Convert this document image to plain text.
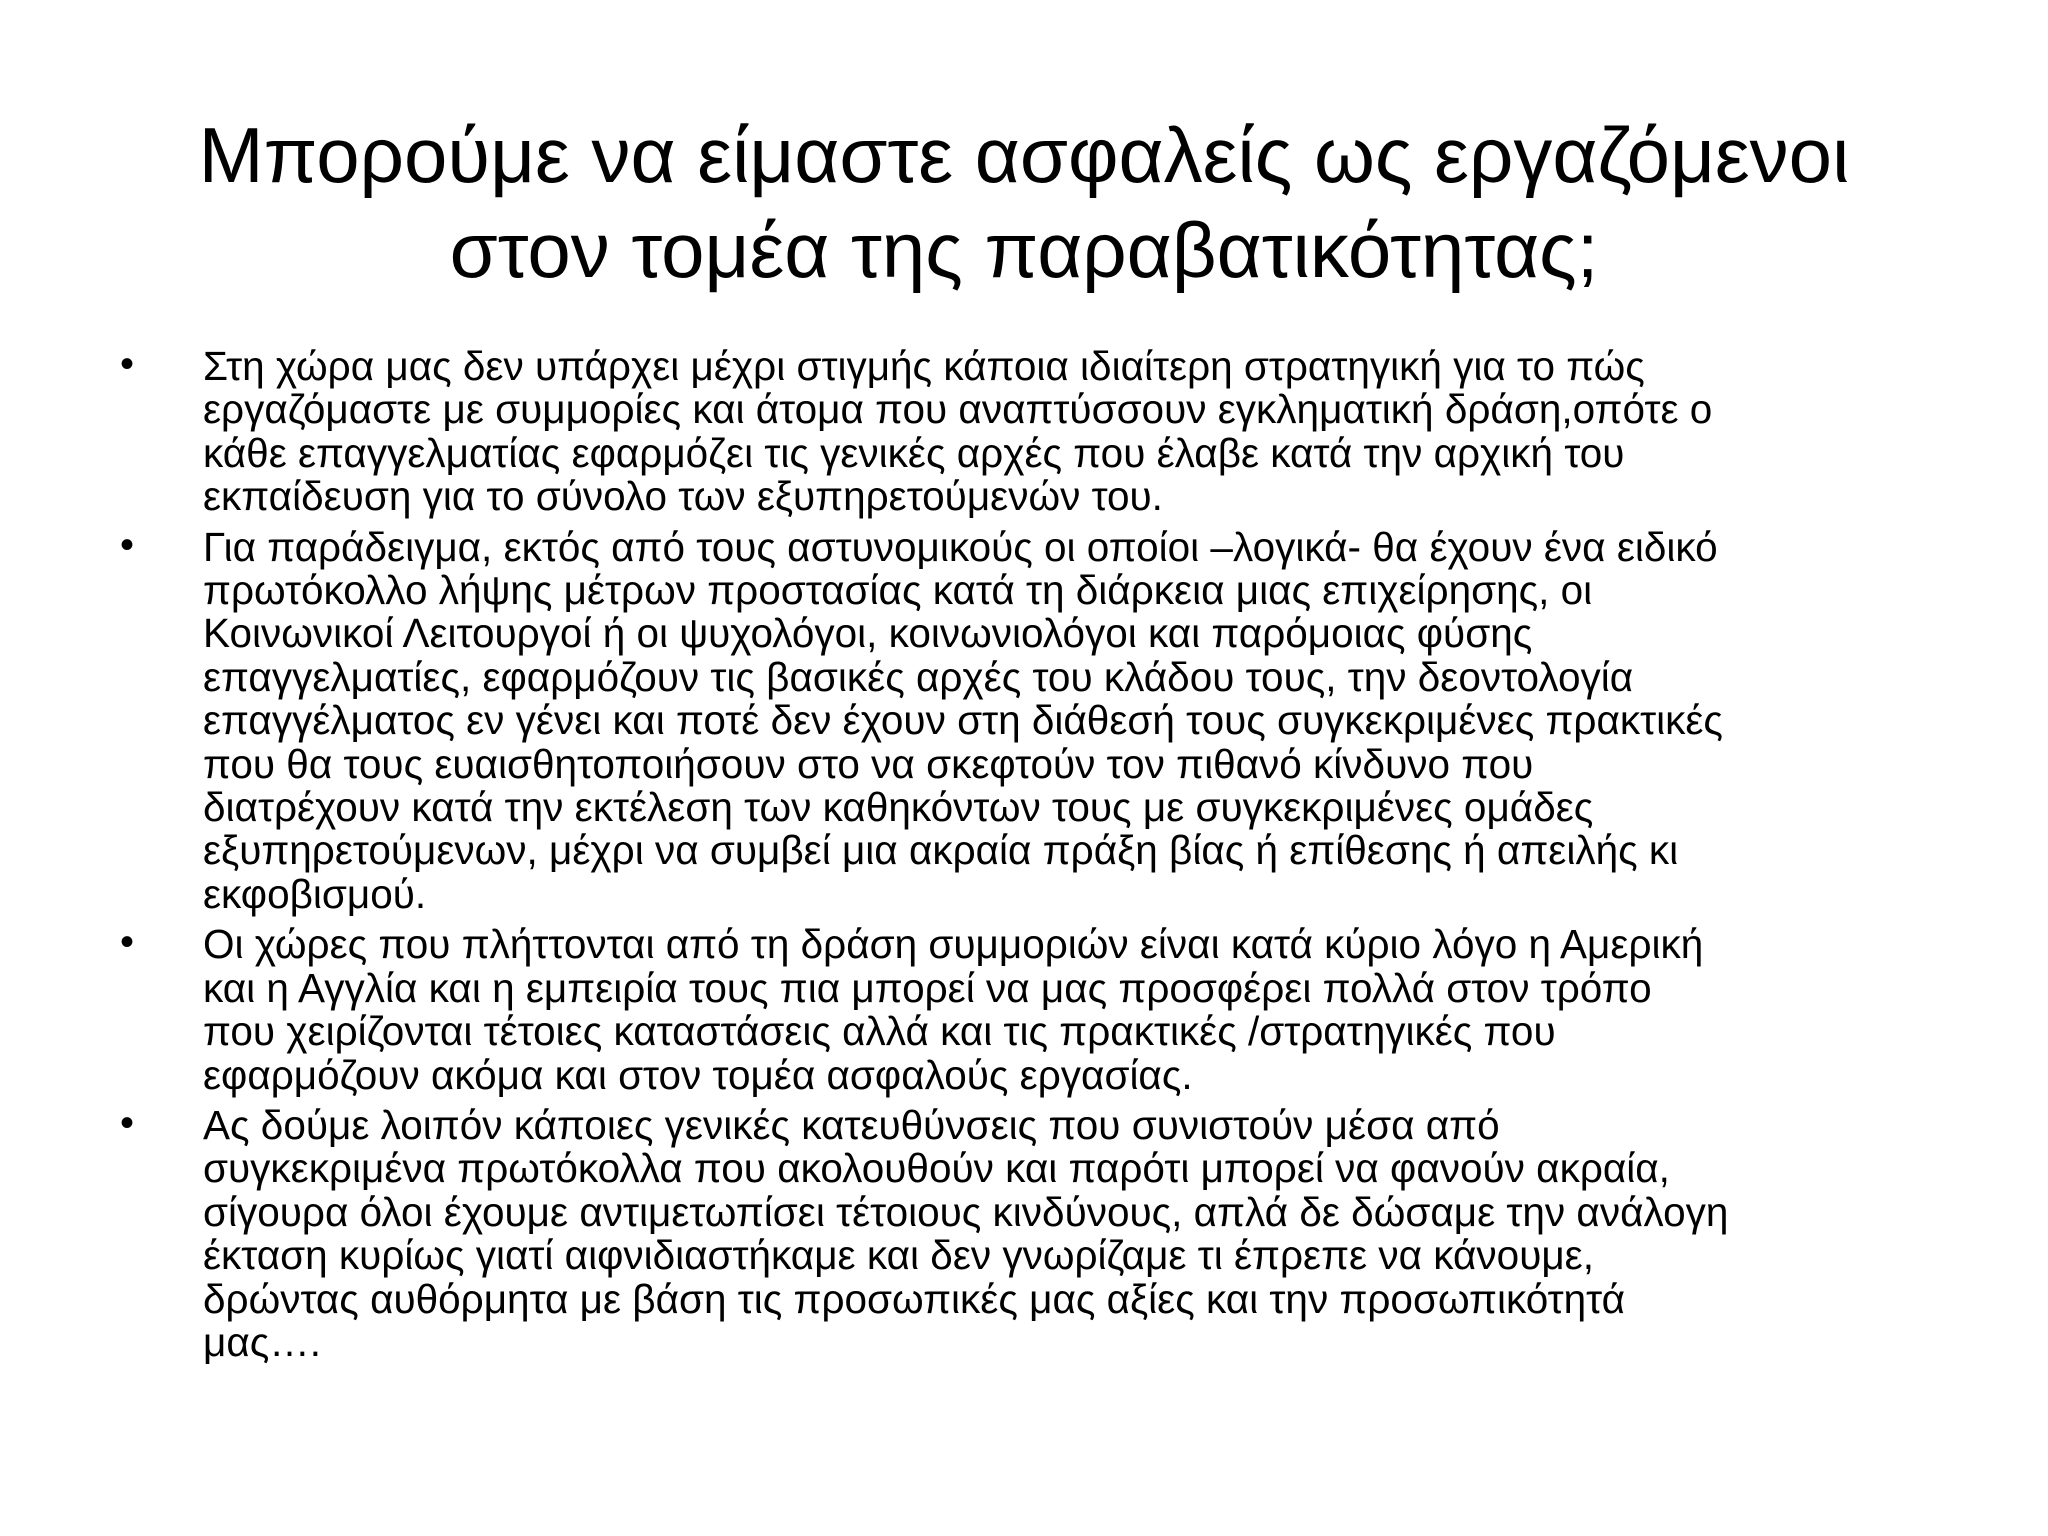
Μπορούμε να είμαστε ασφαλείς ως εργαζόμενοι
στον τομέα της παραβατικότητας;
•	Στη χώρα μας δεν υπάρχει μέχρι στιγμής κάποια ιδιαίτερη στρατηγική για το πώς
εργαζόμαστε με συμμορίες και άτομα που αναπτύσσουν εγκληματική δράση,οπότε ο
κάθε επαγγελματίας εφαρμόζει τις γενικές αρχές που έλαβε κατά την αρχική του
εκπαίδευση για το σύνολο των εξυπηρετούμενών του.
•	Για παράδειγμα, εκτός από τους αστυνομικούς οι οποίοι –λογικά- θα έχουν ένα ειδικό
πρωτόκολλο λήψης μέτρων προστασίας κατά τη διάρκεια μιας επιχείρησης, οι
Κοινωνικοί Λειτουργοί ή οι ψυχολόγοι, κοινωνιολόγοι και παρόμοιας φύσης
επαγγελματίες, εφαρμόζουν τις βασικές αρχές του κλάδου τους, την δεοντολογία
επαγγέλματος εν γένει και ποτέ δεν έχουν στη διάθεσή τους συγκεκριμένες πρακτικές
που θα τους ευαισθητοποιήσουν στο να σκεφτούν τον πιθανό κίνδυνο που
διατρέχουν κατά την εκτέλεση των καθηκόντων τους με συγκεκριμένες ομάδες
εξυπηρετούμενων, μέχρι να συμβεί μια ακραία πράξη βίας ή επίθεσης ή απειλής κι
εκφοβισμού.
•	Οι χώρες που πλήττονται από τη δράση συμμοριών είναι κατά κύριο λόγο η Αμερική
και η Αγγλία και η εμπειρία τους πια μπορεί να μας προσφέρει πολλά στον τρόπο
που χειρίζονται τέτοιες καταστάσεις αλλά και τις πρακτικές /στρατηγικές που
εφαρμόζουν ακόμα και στον τομέα ασφαλούς εργασίας.
•	Ας δούμε λοιπόν κάποιες γενικές κατευθύνσεις που συνιστούν μέσα από
συγκεκριμένα πρωτόκολλα που ακολουθούν και παρότι μπορεί να φανούν ακραία,
σίγουρα όλοι έχουμε αντιμετωπίσει τέτοιους κινδύνους, απλά δε δώσαμε την ανάλογη
έκταση κυρίως γιατί αιφνιδιαστήκαμε και δεν γνωρίζαμε τι έπρεπε να κάνουμε,
δρώντας αυθόρμητα με βάση τις προσωπικές μας αξίες και την προσωπικότητά
μας….
